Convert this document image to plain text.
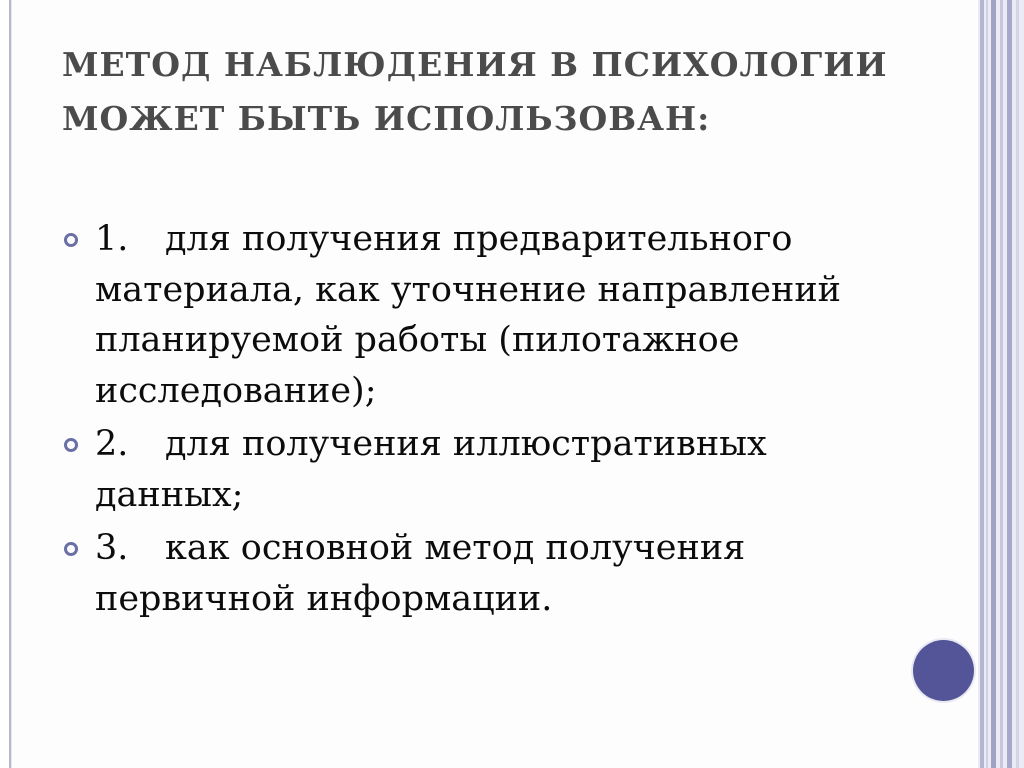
МЕТОД НАБЛЮДЕНИЯ В ПСИХОЛОГИИ
МОЖЕТ БЫТЬ ИСПОЛЬЗОВАН:
1. для получения предварительного материала, как уточнение направлений планируемой работы (пилотажное исследование);
2. для получения иллюстративных данных;
3. как основной метод получения первичной информации.
